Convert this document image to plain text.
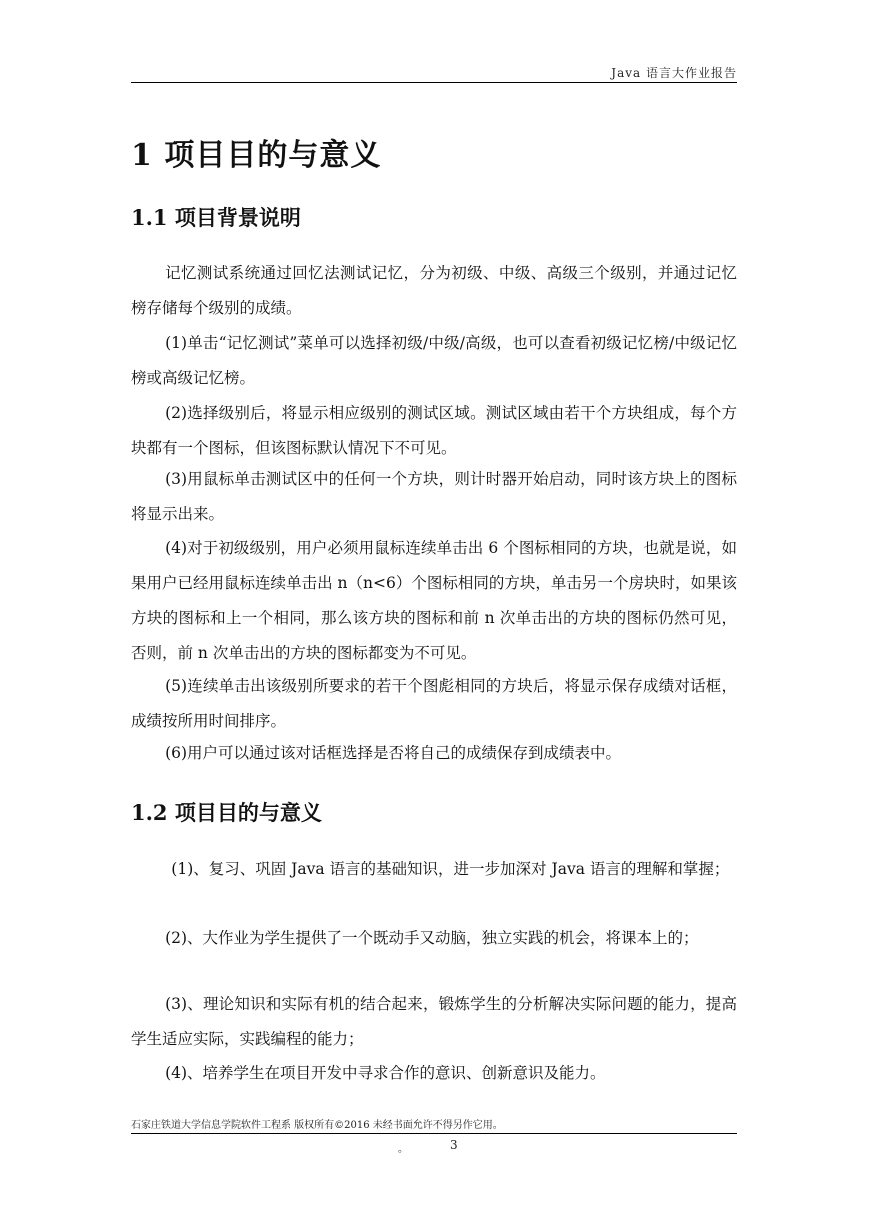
Java 语言大作业报告
1 项目目的与意义
1.1 项目背景说明

记忆测试系统通过回忆法测试记忆，分为初级、中级、高级三个级别，并通过记忆榜存储每个级别的成绩。

(1)单击“记忆测试”菜单可以选择初级/中级/高级，也可以查看初级记忆榜/中级记忆榜或高级记忆榜。

(2)选择级别后，将显示相应级别的测试区域。测试区域由若干个方块组成，每个方块都有一个图标，但该图标默认情况下不可见。

(3)用鼠标单击测试区中的任何一个方块，则计时器开始启动，同时该方块上的图标将显示出来。

(4)对于初级级别，用户必须用鼠标连续单击出 6 个图标相同的方块，也就是说，如果用户已经用鼠标连续单击出 n（n<6）个图标相同的方块，单击另一个房块时，如果该方块的图标和上一个相同，那么该方块的图标和前 n 次单击出的方块的图标仍然可见，否则，前 n 次单击出的方块的图标都变为不可见。

(5)连续单击出该级别所要求的若干个图彪相同的方块后，将显示保存成绩对话框，成绩按所用时间排序。

(6)用户可以通过该对话框选择是否将自己的成绩保存到成绩表中。

1.2 项目目的与意义

(1)、复习、巩固 Java 语言的基础知识，进一步加深对 Java 语言的理解和掌握；

(2)、大作业为学生提供了一个既动手又动脑，独立实践的机会，将课本上的；

(3)、理论知识和实际有机的结合起来，锻炼学生的分析解决实际问题的能力，提高学生适应实际，实践编程的能力；

(4)、培养学生在项目开发中寻求合作的意识、创新意识及能力。

石家庄铁道大学信息学院软件工程系 版权所有©2016 未经书面允许不得另作它用。
。	3
